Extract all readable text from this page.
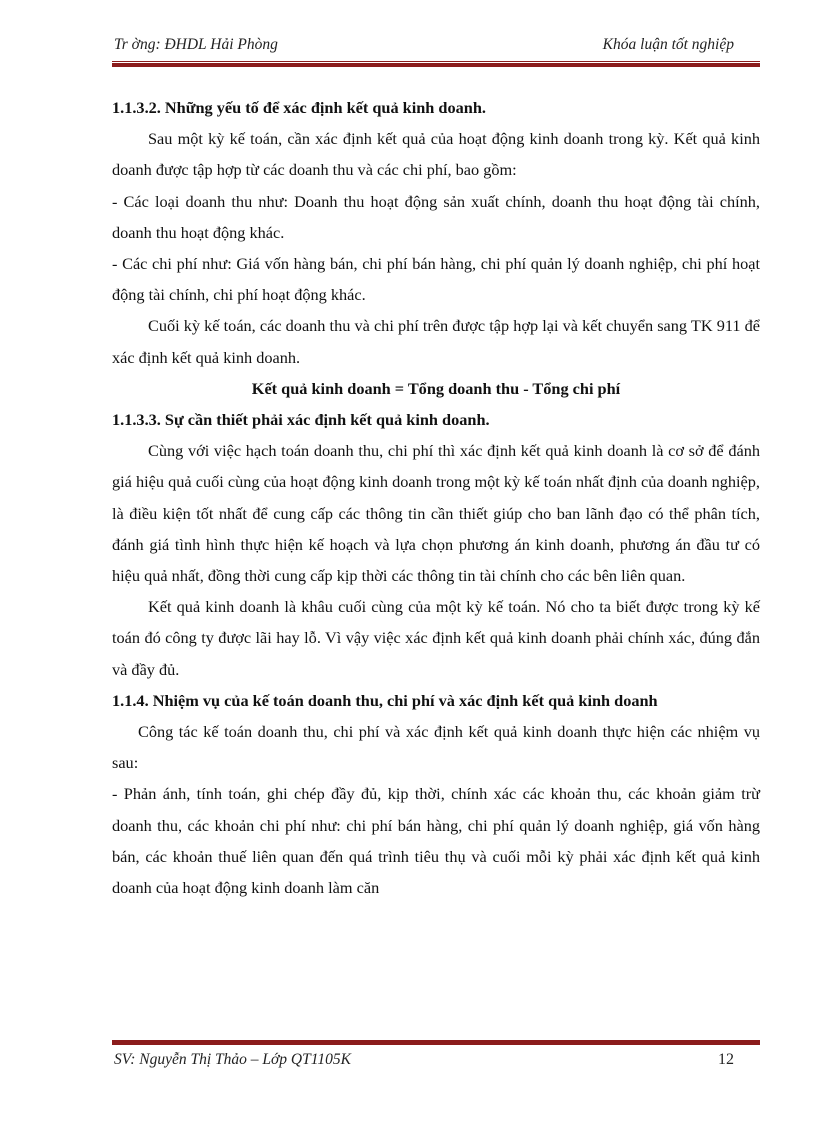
Tr ờng: ĐHDL Hải Phòng	Khóa luận tốt nghiệp

1.1.3.2. Những yếu tố để xác định kết quả kinh doanh.

Sau một kỳ kế toán, cần xác định kết quả của hoạt động kinh doanh trong kỳ. Kết quả kinh doanh được tập hợp từ các doanh thu và các chi phí, bao gồm:

- Các loại doanh thu như: Doanh thu hoạt động sản xuất chính, doanh thu hoạt động tài chính, doanh thu hoạt động khác.

- Các chi phí như: Giá vốn hàng bán, chi phí bán hàng, chi phí quản lý doanh nghiệp, chi phí hoạt động tài chính, chi phí hoạt động khác.

Cuối kỳ kế toán, các doanh thu và chi phí trên được tập hợp lại và kết chuyển sang TK 911 để xác định kết quả kinh doanh.

Kết quả kinh doanh = Tổng doanh thu - Tổng chi phí

1.1.3.3. Sự cần thiết phải xác định kết quả kinh doanh.

Cùng với việc hạch toán doanh thu, chi phí thì xác định kết quả kinh doanh là cơ sở để đánh giá hiệu quả cuối cùng của hoạt động kinh doanh trong một kỳ kế toán nhất định của doanh nghiệp, là điều kiện tốt nhất để cung cấp các thông tin cần thiết giúp cho ban lãnh đạo có thể phân tích, đánh giá tình hình thực hiện kế hoạch và lựa chọn phương án kinh doanh, phương án đầu tư có hiệu quả nhất, đồng thời cung cấp kịp thời các thông tin tài chính cho các bên liên quan.

Kết quả kinh doanh là khâu cuối cùng của một kỳ kế toán. Nó cho ta biết được trong kỳ kế toán đó công ty được lãi hay lỗ. Vì vậy việc xác định kết quả kinh doanh phải chính xác, đúng đắn và đầy đủ.

1.1.4. Nhiệm vụ của kế toán doanh thu, chi phí và xác định kết quả kinh doanh

Công tác kế toán doanh thu, chi phí và xác định kết quả kinh doanh thực hiện các nhiệm vụ sau:

- Phản ánh, tính toán, ghi chép đầy đủ, kịp thời, chính xác các khoản thu, các khoản giảm trừ doanh thu, các khoản chi phí như: chi phí bán hàng, chi phí quản lý doanh nghiệp, giá vốn hàng bán, các khoản thuế liên quan đến quá trình tiêu thụ và cuối mỗi kỳ phải xác định kết quả kinh doanh của hoạt động kinh doanh làm căn

SV: Nguyễn Thị Thảo – Lớp QT1105K	12
